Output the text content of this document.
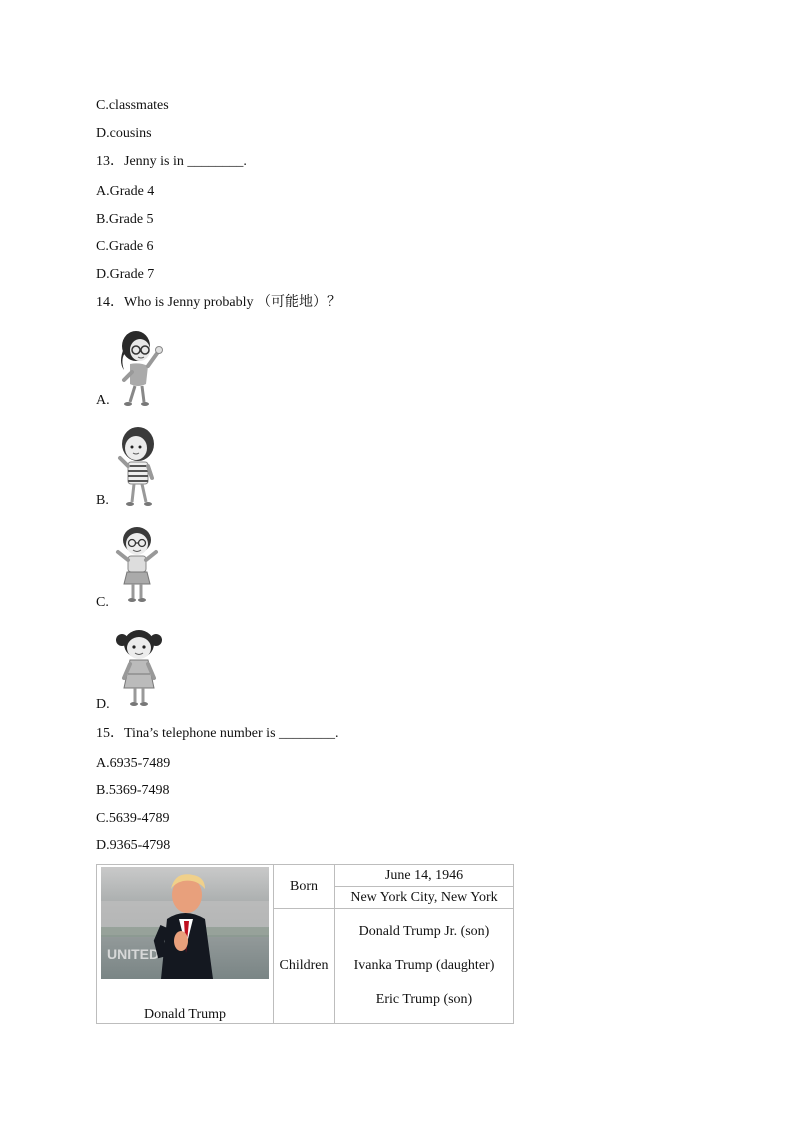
C.classmates
D.cousins
13．Jenny is in ________.
A.Grade 4
B.Grade 5
C.Grade 6
D.Grade 7
14．Who is Jenny probably （可能地）？
A.
B.
C.
D.
15．Tina’s telephone number is ________.
A.6935-7489
B.5369-7498
C.5639-4789
D.9365-4798
UNITED
Donald Trump	Born	June 14, 1946
		New York City, New York
	Children	Donald Trump Jr. (son)
Ivanka Trump (daughter)
Eric Trump (son)
